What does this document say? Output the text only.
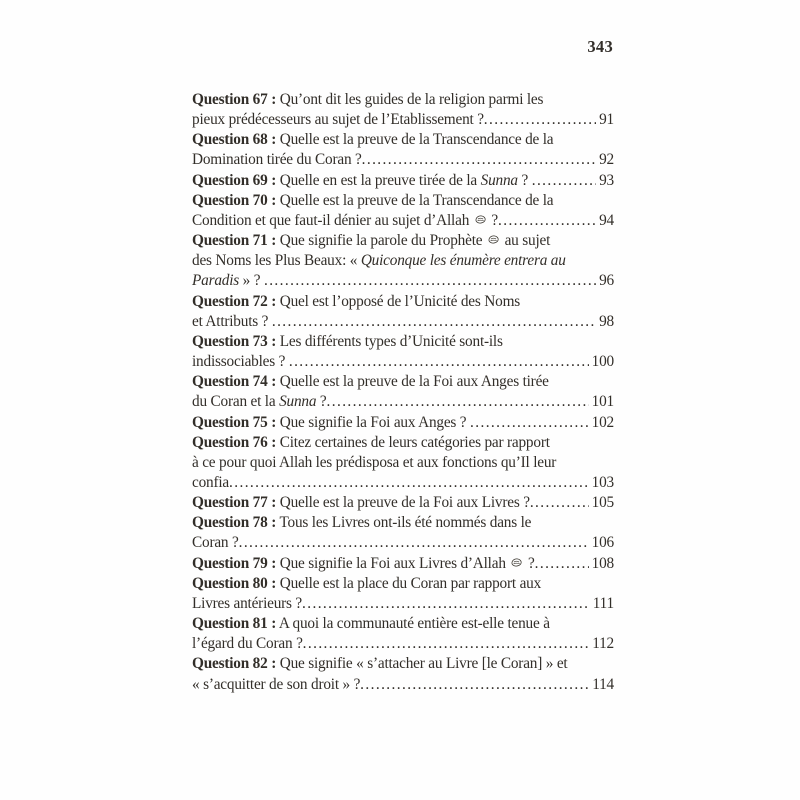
343
Question 67 : Qu’ont dit les guides de la religion parmi les
pieux prédécesseurs au sujet de l’Etablissement ? .....	91
Question 68 : Quelle est la preuve de la Transcendance de la
Domination tirée du Coran ? .....	92
Question 69 : Quelle en est la preuve tirée de la Sunna ? .....	93
Question 70 : Quelle est la preuve de la Transcendance de la
Condition et que faut-il dénier au sujet d’Allah ? .....	94
Question 71 : Que signifie la parole du Prophète au sujet
des Noms les Plus Beaux: « Quiconque les énumère entrera au
Paradis » ? .....	96
Question 72 : Quel est l’opposé de l’Unicité des Noms
et Attributs ? .....	98
Question 73 : Les différents types d’Unicité sont-ils
indissociables ? .....	100
Question 74 : Quelle est la preuve de la Foi aux Anges tirée
du Coran et la Sunna ? .....	101
Question 75 : Que signifie la Foi aux Anges ? .....	102
Question 76 : Citez certaines de leurs catégories par rapport
à ce pour quoi Allah les prédisposa et aux fonctions qu’Il leur
confia .....	103
Question 77 : Quelle est la preuve de la Foi aux Livres ? .....	105
Question 78 : Tous les Livres ont-ils été nommés dans le
Coran ? .....	106
Question 79 : Que signifie la Foi aux Livres d’Allah ? .....	108
Question 80 : Quelle est la place du Coran par rapport aux
Livres antérieurs ? .....	111
Question 81 : A quoi la communauté entière est-elle tenue à
l’égard du Coran ? .....	112
Question 82 : Que signifie « s’attacher au Livre [le Coran] » et
« s’acquitter de son droit » ? .....	114
